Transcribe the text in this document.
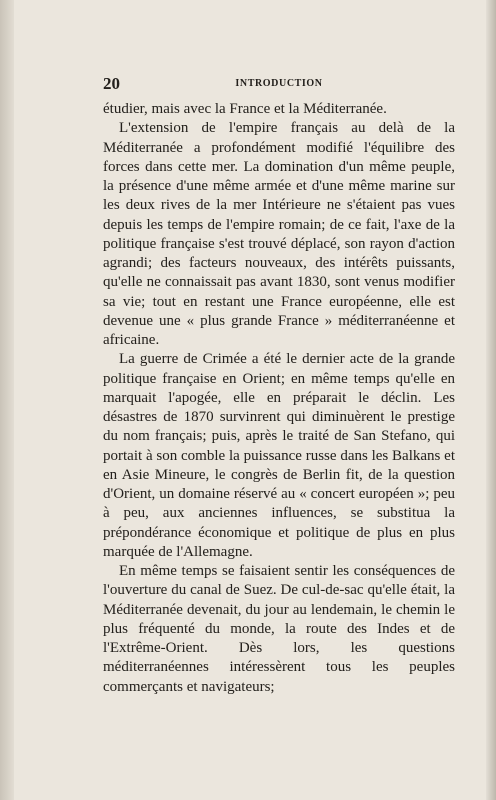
20	INTRODUCTION

étudier, mais avec la France et la Méditerranée.

L'extension de l'empire français au delà de la Méditerranée a profondément modifié l'équilibre des forces dans cette mer. La domination d'un même peuple, la présence d'une même armée et d'une même marine sur les deux rives de la mer Intérieure ne s'étaient pas vues depuis les temps de l'empire romain; de ce fait, l'axe de la politique française s'est trouvé déplacé, son rayon d'action agrandi; des facteurs nouveaux, des intérêts puissants, qu'elle ne connaissait pas avant 1830, sont venus modifier sa vie; tout en restant une France européenne, elle est devenue une « plus grande France » méditerranéenne et africaine.

La guerre de Crimée a été le dernier acte de la grande politique française en Orient; en même temps qu'elle en marquait l'apogée, elle en préparait le déclin. Les désastres de 1870 survinrent qui diminuèrent le prestige du nom français; puis, après le traité de San Stefano, qui portait à son comble la puissance russe dans les Balkans et en Asie Mineure, le congrès de Berlin fit, de la question d'Orient, un domaine réservé au « concert européen »; peu à peu, aux anciennes influences, se substitua la prépondérance économique et politique de plus en plus marquée de l'Allemagne.

En même temps se faisaient sentir les conséquences de l'ouverture du canal de Suez. De cul-de-sac qu'elle était, la Méditerranée devenait, du jour au lendemain, le chemin le plus fréquenté du monde, la route des Indes et de l'Extrême-Orient. Dès lors, les questions méditerranéennes intéressèrent tous les peuples commerçants et navigateurs;
